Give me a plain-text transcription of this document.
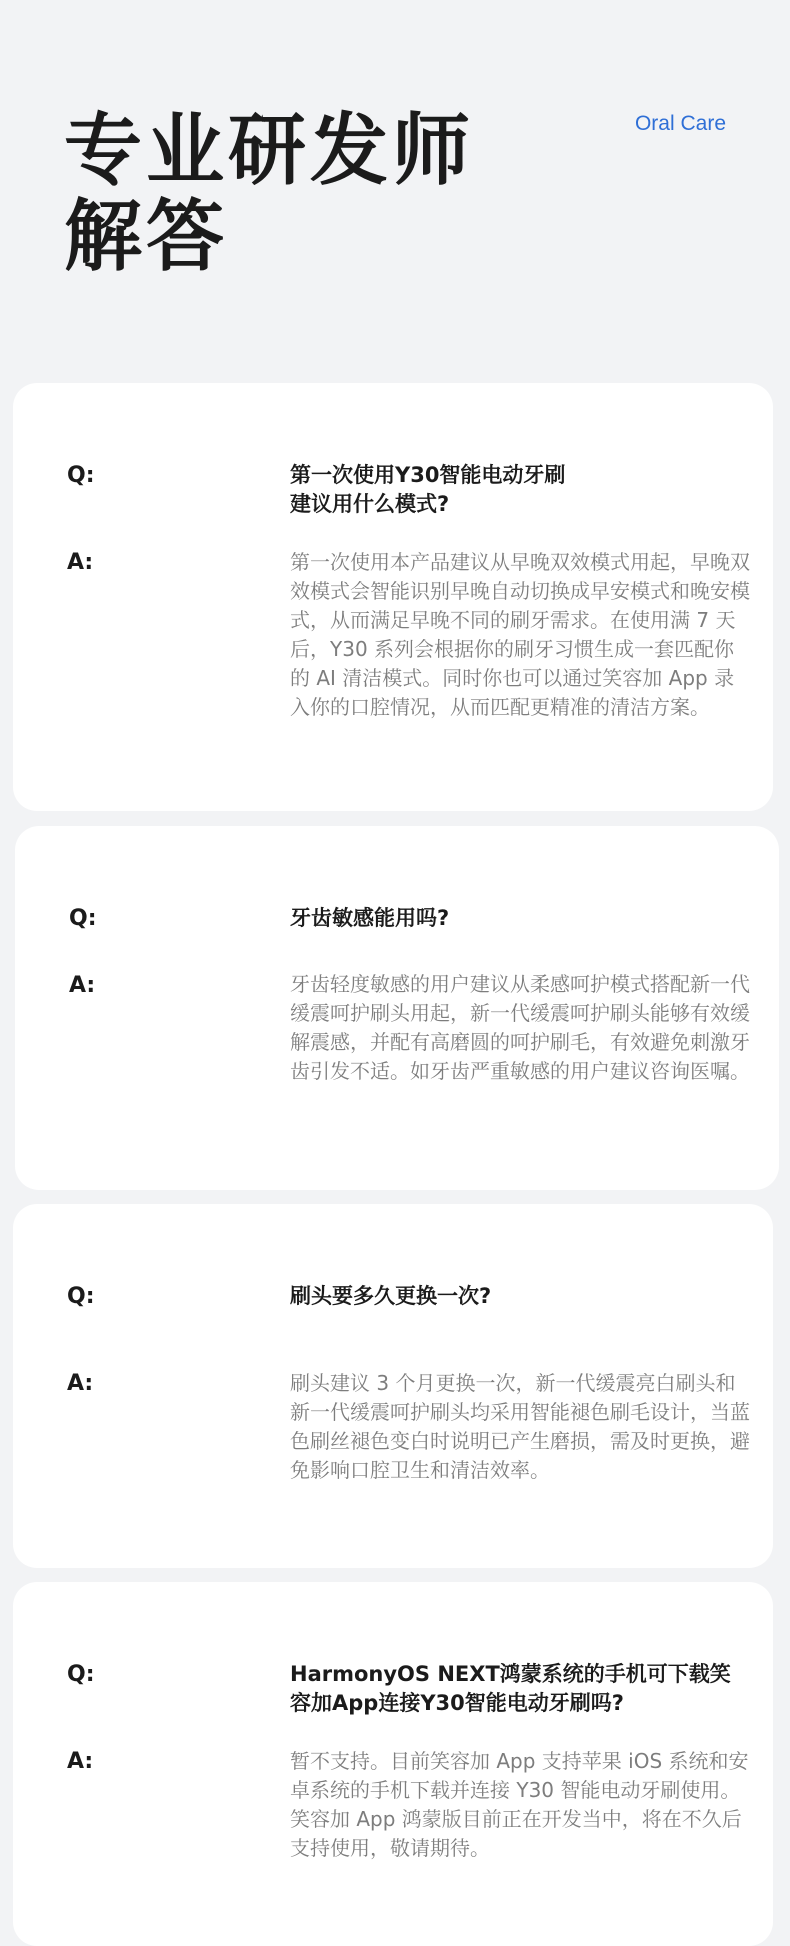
专业研发师
解答
Oral Care
Q:	第一次使用Y30智能电动牙刷
建议用什么模式?

A:	第一次使用本产品建议从早晚双效模式用起，早晚双效模式会智能识别早晚自动切换成早安模式和晚安模式，从而满足早晚不同的刷牙需求。在使用满 7 天后，Y30 系列会根据你的刷牙习惯生成一套匹配你的 AI 清洁模式。同时你也可以通过笑容加 App 录入你的口腔情况，从而匹配更精准的清洁方案。

Q:	牙齿敏感能用吗?

A:	牙齿轻度敏感的用户建议从柔感呵护模式搭配新一代缓震呵护刷头用起，新一代缓震呵护刷头能够有效缓解震感，并配有高磨圆的呵护刷毛，有效避免刺激牙齿引发不适。如牙齿严重敏感的用户建议咨询医嘱。

Q:	刷头要多久更换一次?

A:	刷头建议 3 个月更换一次，新一代缓震亮白刷头和新一代缓震呵护刷头均采用智能褪色刷毛设计，当蓝色刷丝褪色变白时说明已产生磨损，需及时更换，避免影响口腔卫生和清洁效率。

Q:	HarmonyOS NEXT鸿蒙系统的手机可下载笑容加App连接Y30智能电动牙刷吗?

A:	暂不支持。目前笑容加 App 支持苹果 iOS 系统和安卓系统的手机下载并连接 Y30 智能电动牙刷使用。笑容加 App 鸿蒙版目前正在开发当中，将在不久后支持使用，敬请期待。
